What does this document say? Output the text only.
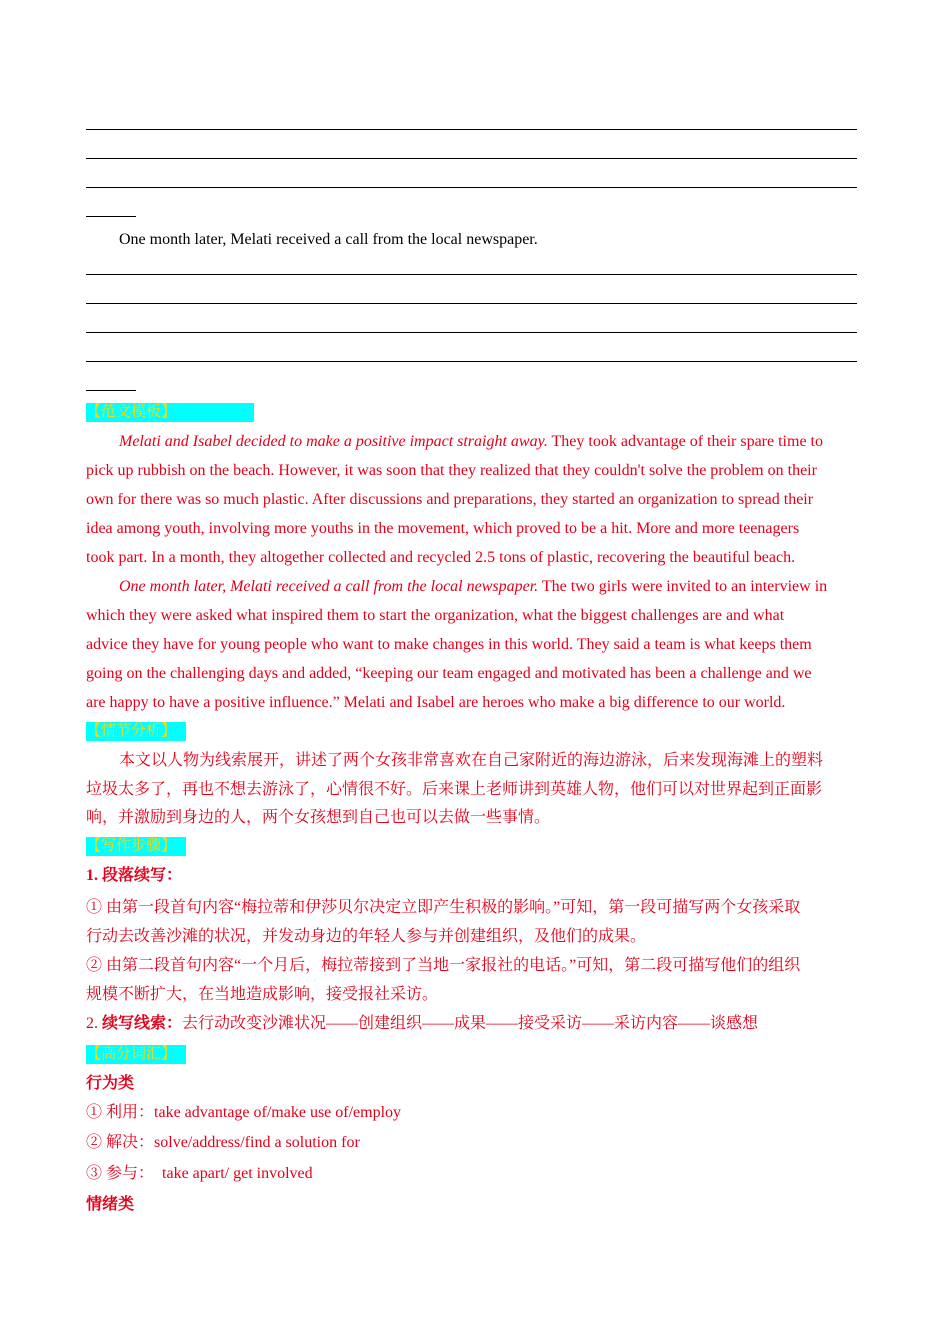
One month later, Melati received a call from the local newspaper.
【范文模板】
Melati and Isabel decided to make a positive impact straight away. They took advantage of their spare time to
pick up rubbish on the beach. However, it was soon that they realized that they couldn't solve the problem on their
own for there was so much plastic. After discussions and preparations, they started an organization to spread their
idea among youth, involving more youths in the movement, which proved to be a hit. More and more teenagers
took part. In a month, they altogether collected and recycled 2.5 tons of plastic, recovering the beautiful beach.
One month later, Melati received a call from the local newspaper. The two girls were invited to an interview in
which they were asked what inspired them to start the organization, what the biggest challenges are and what
advice they have for young people who want to make changes in this world. They said a team is what keeps them
going on the challenging days and added, “keeping our team engaged and motivated has been a challenge and we
are happy to have a positive influence.” Melati and Isabel are heroes who make a big difference to our world.
【情节分析】
本文以人物为线索展开，讲述了两个女孩非常喜欢在自己家附近的海边游泳，后来发现海滩上的塑料
垃圾太多了，再也不想去游泳了，心情很不好。后来课上老师讲到英雄人物，他们可以对世界起到正面影
响，并激励到身边的人，两个女孩想到自己也可以去做一些事情。
【写作步骤】
1. 段落续写：
① 由第一段首句内容“梅拉蒂和伊莎贝尔决定立即产生积极的影响。”可知，第一段可描写两个女孩采取
行动去改善沙滩的状况，并发动身边的年轻人参与并创建组织，及他们的成果。
② 由第二段首句内容“一个月后，梅拉蒂接到了当地一家报社的电话。”可知，第二段可描写他们的组织
规模不断扩大，在当地造成影响，接受报社采访。
2. 续写线索：去行动改变沙滩状况——创建组织——成果——接受采访——采访内容——谈感想
【高分词汇】
行为类
① 利用：take advantage of/make use of/employ
② 解决：solve/address/find a solution for
③ 参与：  take apart/ get involved
情绪类
